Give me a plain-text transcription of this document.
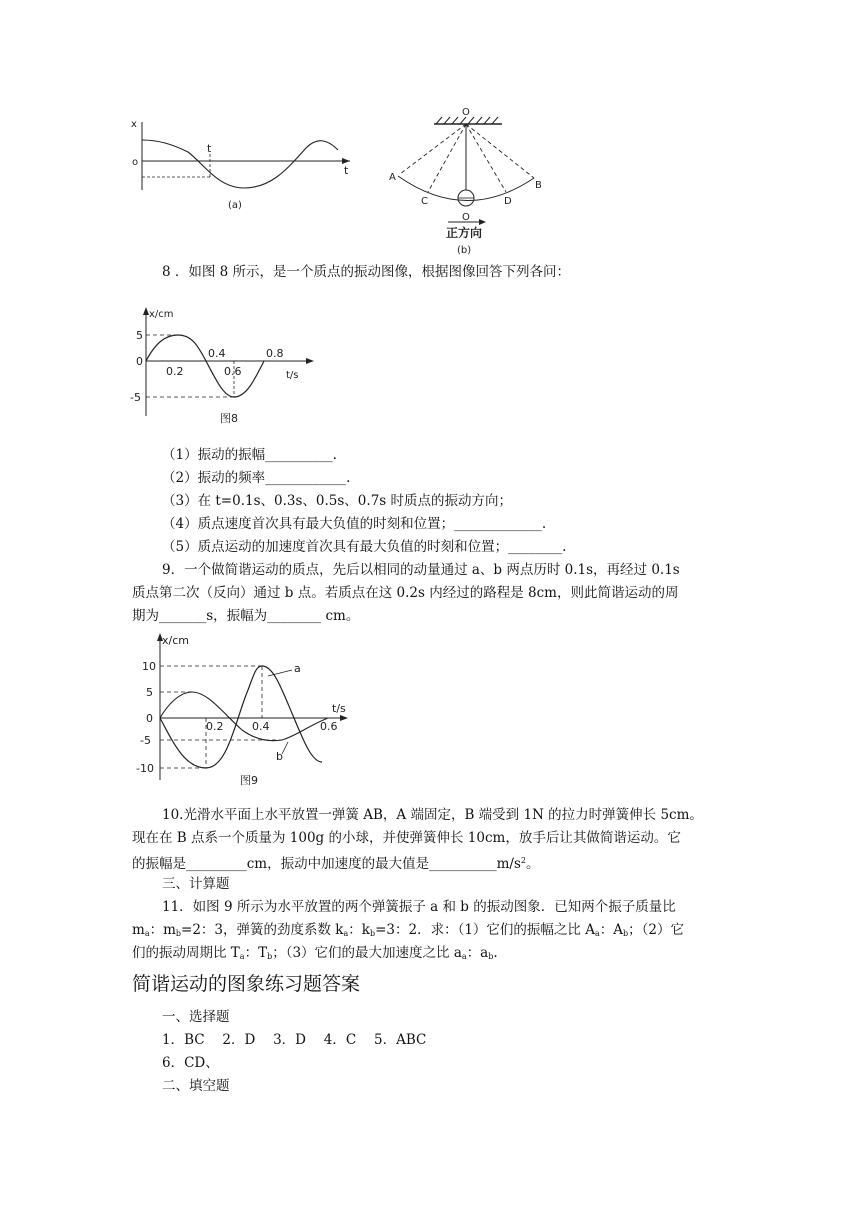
x
o
t
t
(a)
O
A
B
C	D
O
正方向
(b)
8 ．如图 8 所示，是一个质点的振动图像，根据图像回答下列各问：
x/cm
5
0
-5
0.4	0.8
0.2	0.6	t/s
图8
（1）振动的振幅__________.
（2）振动的频率____________.
（3）在 t=0.1s、0.3s、0.5s、0.7s 时质点的振动方向；
（4）质点速度首次具有最大负值的时刻和位置；_____________.
（5）质点运动的加速度首次具有最大负值的时刻和位置；________.
9．一个做简谐运动的质点，先后以相同的动量通过 a、b 两点历时 0.1s，再经过 0.1s
质点第二次（反向）通过 b 点。若质点在这 0.2s 内经过的路程是 8cm，则此简谐运动的周
期为_______s，振幅为________ cm。
x/cm
10
5
0
-5
-10
0.2	0.4	0.6
t/s
a
b
图9
10.光滑水平面上水平放置一弹簧 AB，A 端固定，B 端受到 1N 的拉力时弹簧伸长 5cm。
现在在 B 点系一个质量为 100g 的小球，并使弹簧伸长 10cm，放手后让其做简谐运动。它
的振幅是_________cm，振动中加速度的最大值是$\_\_\_\_\_\_\_\_\_\_m/s^2$。
三、计算题
11．如图 9 所示为水平放置的两个弹簧振子 a 和 b 的振动图象．已知两个振子质量比
$m_a$：$m_b=2$：3，弹簧的劲度系数 $k_a$：$k_b=3$：2．求：（1）它们的振幅之比 $A_a$：$A_b$；（2）它
们的振动周期比 $T_a$：$T_b$；（3）它们的最大加速度之比 $a_a$：$a_b$.
简谐运动的图象练习题答案
一、选择题
1．BC　 2．D　 3．D　 4．C　 5．ABC
6．CD、
二、填空题
